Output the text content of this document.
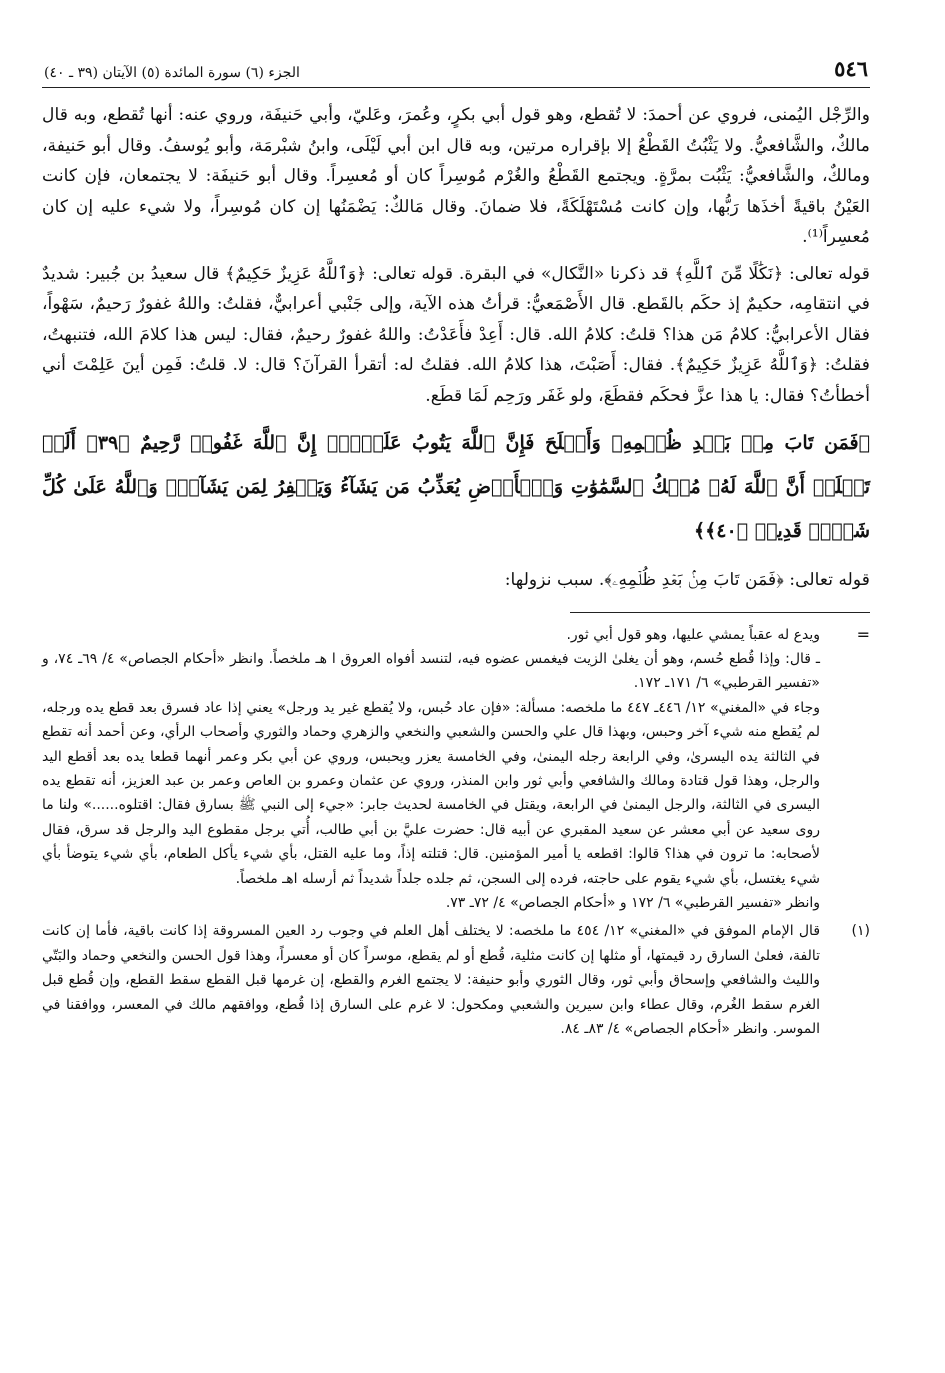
٥٤٦
الجزء (٦) سورة المائدة (٥) الآيتان (٣٩ ـ ٤٠)

والرِّجْل اليُمنى، فروي عن أحمدَ: لا تُقطع، وهو قول أبي بكرٍ، وعُمرَ، وعَليّ، وأبي حَنيفَة، وروي عنه: أنها تُقطع، وبه قال مالكٌ، والشَّافعيُّ. ولا يَثْبُتُ القَطْعُ إلا بإقراره مرتين، وبه قال ابن أبي لَيْلَى، وابنُ شبْرمَة، وأبو يُوسفُ. وقال أبو حَنيفة، ومالكٌ، والشَّافعيُّ: يَثْبُت بمرَّةٍ. ويجتمع القَطْعُ والغُرْم مُوسِراً كان أو مُعسِراً. وقال أبو حَنيفَة: لا يجتمعان، فإن كانت العَيْنُ باقيةً أخذَها رَبُّها، وإن كانت مُسْتَهْلَكَةً، فلا ضمانَ. وقال مَالكٌ: يَضْمَنُها إن كان مُوسِراً، ولا شيء عليه إن كان مُعسِراً⁽¹⁾.

قوله تعالى: ﴿نَكَٰلًا مِّنَ ٱللَّهِ﴾ قد ذكرنا «النَّكال» في البقرة. قوله تعالى: ﴿وَٱللَّهُ عَزِيزٌ حَكِيمٌ﴾ قال سعيدُ بن جُبير: شديدٌ في انتقامِه، حكيمٌ إذ حكَم بالقَطع. قال الأَصْمَعيُّ: قرأتُ هذه الآية، وإلى جَنْبي أعرابيٌّ، فقلتُ: واللهُ غفورٌ رَحيمٌ، سَهْواً، فقال الأعرابيُّ: كلامُ مَن هذا؟ قلتُ: كلامُ الله. قال: أَعِدْ فأَعَدْتُ: واللهُ غفورٌ رحيمٌ، فقال: ليس هذا كلامَ الله، فتنبهتُ، فقلتُ: ﴿وَٱللَّهُ عَزِيزٌ حَكِيمٌ﴾. فقال: أَصَبْتَ، هذا كلامُ الله. فقلتُ له: أتقرأ القرآنَ؟ قال: لا. قلتُ: فَمِن أينَ عَلِمْتَ أني أخطأتُ؟ فقال: يا هذا عزَّ فحكَم فقطَعَ، ولو غَفَر ورَحِم لَمَا قطَع.

﴿فَمَن تَابَ مِنۢ بَعۡدِ ظُلۡمِهِۦ وَأَصۡلَحَ فَإِنَّ ٱللَّهَ يَتُوبُ عَلَيۡهِۚ إِنَّ ٱللَّهَ غَفُورٞ رَّحِيمٌ ﴿٣٩﴾ أَلَمۡ تَعۡلَمۡ أَنَّ ٱللَّهَ لَهُۥ مُلۡكُ ٱلسَّمَٰوَٰتِ وَٱلۡأَرۡضِ يُعَذِّبُ مَن يَشَآءُ وَيَغۡفِرُ لِمَن يَشَآءُۗ وَٱللَّهُ عَلَىٰ كُلِّ شَيۡءٖ قَدِيرٞ ﴿٤٠﴾﴾

قوله تعالى: ﴿فَمَن تَابَ مِنۢ بَعۡدِ ظُلۡمِهِۦ﴾. سبب نزولها:

=

ويدع له عقباً يمشي عليها، وهو قول أبي ثور.

ـ قال: وإذا قُطع حُسم، وهو أن يغلىٰ الزيت فيغمس عضوه فيه، لتنسد أفواه العروق ا هـ ملخصاً. وانظر «أحكام الجصاص» ٤/ ٦٩ـ ٧٤، و «تفسير القرطبي» ٦/ ١٧١ـ ١٧٢.

وجاء في «المغني» ١٢/ ٤٤٦ـ ٤٤٧ ما ملخصه: مسألة: «فإن عاد حُبس، ولا يُقطع غير يد ورجل» يعني إذا عاد فسرق بعد قطع يده ورجله، لم يُقطع منه شيء آخر وحبس، وبهذا قال علي والحسن والشعبي والنخعي والزهري وحماد والثوري وأصحاب الرأي، وعن أحمد أنه تقطع في الثالثة يده اليسرىٰ، وفي الرابعة رجله اليمنىٰ، وفي الخامسة يعزر ويحبس، وروي عن أبي بكر وعمر أنهما قطعا يده بعد أقطع اليد والرجل، وهذا قول قتادة ومالك والشافعي وأبي ثور وابن المنذر، وروي عن عثمان وعمرو بن العاص وعمر بن عبد العزيز، أنه تقطع يده اليسرى في الثالثة، والرجل اليمنىٰ في الرابعة، ويقتل في الخامسة لحديث جابر: «جيء إلى النبي ﷺ بسارق فقال: اقتلوه......» ولنا ما روى سعيد عن أبي معشر عن سعيد المقبري عن أبيه قال: حضرت عليَّ بن أبي طالب، أُتي برجل مقطوع اليد والرجل قد سرق، فقال لأصحابه: ما ترون في هذا؟ قالوا: اقطعه يا أمير المؤمنين. قال: قتلته إذاً، وما عليه القتل، بأي شيء يأكل الطعام، بأي شيء يتوضأ بأي شيء يغتسل، بأي شيء يقوم على حاجته، فرده إلى السجن، ثم جلده جلداً شديداً ثم أرسله اهـ ملخصاً.

وانظر «تفسير القرطبي» ٦/ ١٧٢ و «أحكام الجصاص» ٤/ ٧٢ـ ٧٣.

(١)

قال الإمام الموفق في «المغني» ١٢/ ٤٥٤ ما ملخصه: لا يختلف أهل العلم في وجوب رد العين المسروقة إذا كانت باقية، فأما إن كانت تالفة، فعلىٰ السارق رد قيمتها، أو مثلها إن كانت مثلية، قُطع أو لم يقطع، موسراً كان أو معسراً، وهذا قول الحسن والنخعي وحماد والبَتّي والليث والشافعي وإسحاق وأبي ثور، وقال الثوري وأبو حنيفة: لا يجتمع الغرم والقطع، إن غرمها قبل القطع سقط القطع، وإن قُطع قبل الغرم سقط الغُرم، وقال عطاء وابن سيرين والشعبي ومكحول: لا غرم على السارق إذا قُطع، ووافقهم مالك في المعسر، ووافقنا في الموسر. وانظر «أحكام الجصاص» ٤/ ٨٣ـ ٨٤.
